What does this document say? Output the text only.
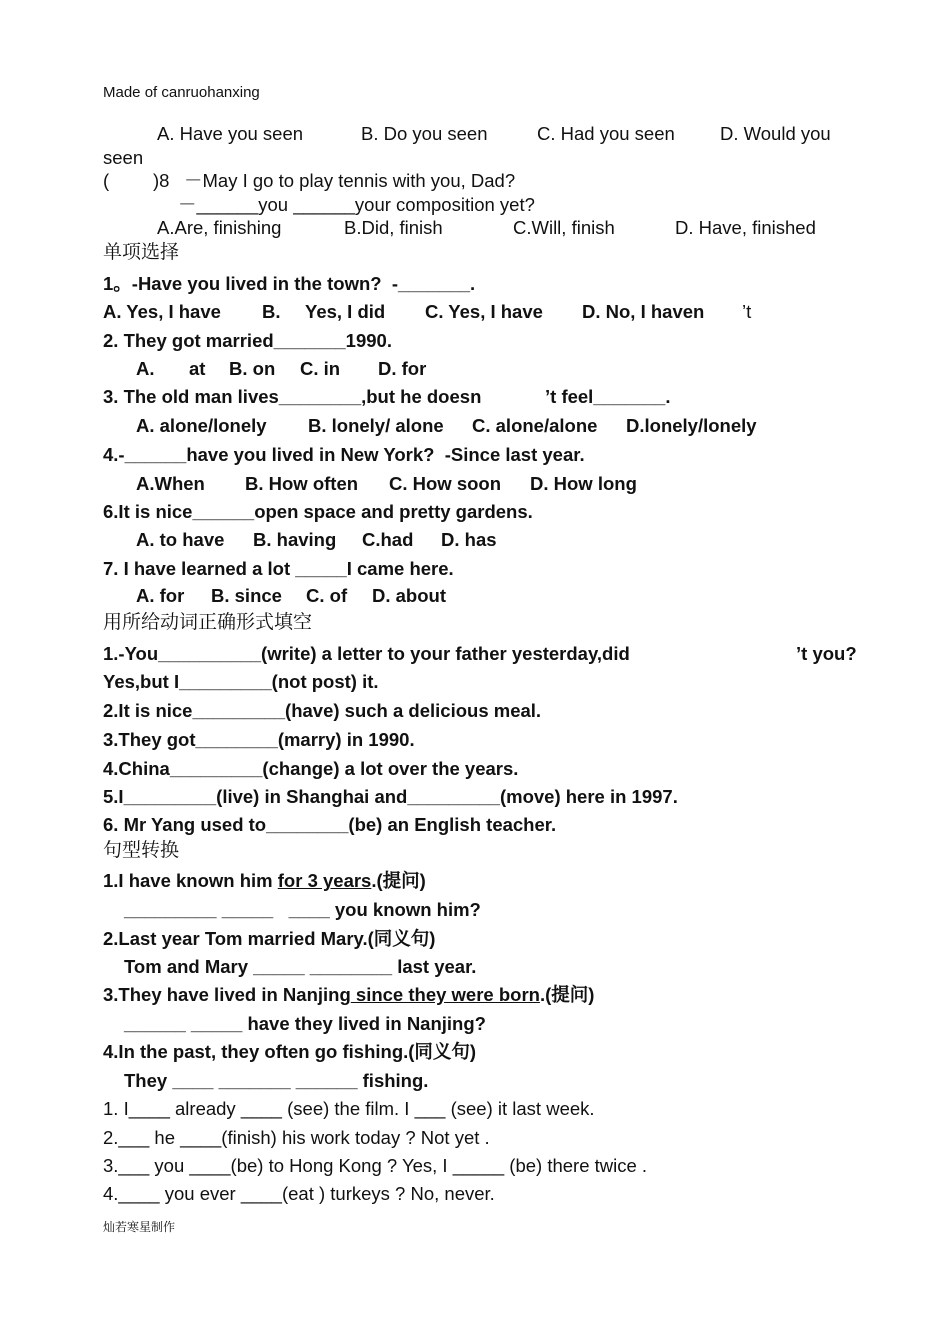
Made of canruohanxing
A. Have you seen	B. Do you seen	C. Had you seen D. Would you
seen
( )8 －May I go to play tennis with you, Dad?
－______you ______your composition yet?
A.Are, finishing	B.Did, finish	C.Will, finish	D. Have, finished
单项选择
1。-Have you lived in the town?  -_______.
A. Yes, I have B. Yes, I did C. Yes, I have D. No, I haven ’t
2. They got married_______1990.
A. at B. on C. in D. for
3. The old man lives________,but he doesn	’t feel_______.
A. alone/lonely B. lonely/ alone C. alone/alone D.lonely/lonely
4.-______have you lived in New York?  -Since last year.
A.When B. How often C. How soon D. How long
6.It is nice______open space and pretty gardens.
A. to have B. having C.had D. has
7. I have learned a lot _____I came here.
A. for B. since C. of D. about
用所给动词正确形式填空
1.-You__________(write) a letter to your father yesterday,did	’t you?
Yes,but I_________(not post) it.
2.It is nice_________(have) such a delicious meal.
3.They got________(marry) in 1990.
4.China_________(change) a lot over the years.
5.I_________(live) in Shanghai and_________(move) here in 1997.
6. Mr Yang used to________(be) an English teacher.
句型转换
1.I have known him for 3 years.(提问)
_________ _____   ____ you known him?
2.Last year Tom married Mary.(同义句)
Tom and Mary _____ ________ last year.
3.They have lived in Nanjing since they were born.(提问)
______ _____ have they lived in Nanjing?
4.In the past, they often go fishing.(同义句)
They ____ _______ ______ fishing.
1. I____ already ____ (see) the film. I ___ (see) it last week.
2.___ he ____(finish) his work today ? Not yet .
3.___ you ____(be) to Hong Kong ? Yes, I _____ (be) there twice .
4.____ you ever ____(eat ) turkeys ? No, never.
灿若寒星制作
